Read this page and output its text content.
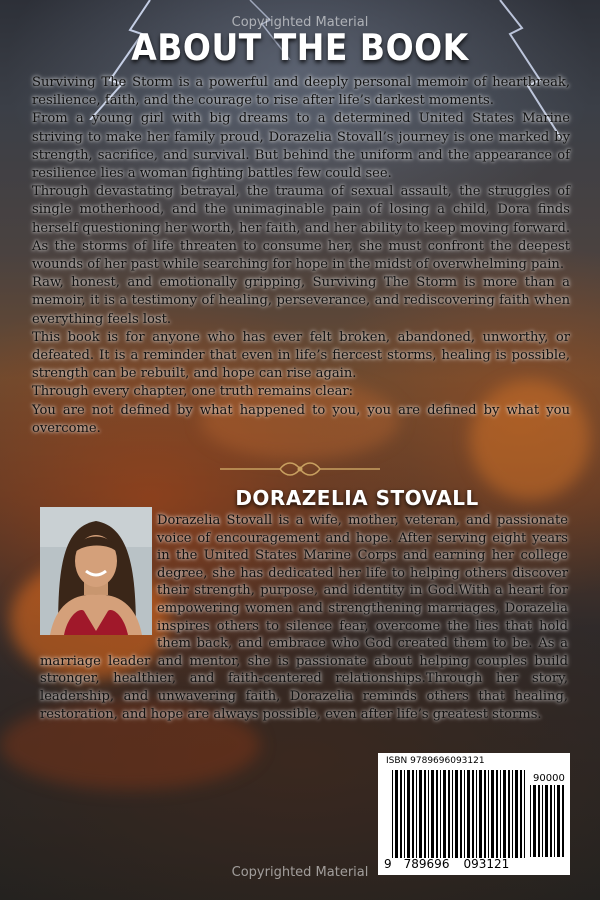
Copyrighted Material
Copyrighted Material
ABOUT THE BOOK

Surviving The Storm is a powerful and deeply personal memoir of heartbreak, resilience, faith, and the courage to rise after life’s darkest moments.

From a young girl with big dreams to a determined United States Marine striving to make her family proud, Dorazelia Stovall’s journey is one marked by strength, sacrifice, and survival. But behind the uniform and the appearance of resilience lies a woman fighting battles few could see.

Through devastating betrayal, the trauma of sexual assault, the struggles of single motherhood, and the unimaginable pain of losing a child, Dora finds herself questioning her worth, her faith, and her ability to keep moving forward. As the storms of life threaten to consume her, she must confront the deepest wounds of her past while searching for hope in the midst of overwhelming pain.

Raw, honest, and emotionally gripping, Surviving The Storm is more than a memoir, it is a testimony of healing, perseverance, and rediscovering faith when everything feels lost.

This book is for anyone who has ever felt broken, abandoned, unworthy, or defeated. It is a reminder that even in life’s fiercest storms, healing is possible, strength can be rebuilt, and hope can rise again.

Through every chapter, one truth remains clear:

You are not defined by what happened to you, you are defined by what you overcome.

DORAZELIA STOVALL
Dorazelia Stovall is a wife, mother, veteran, and passionate voice of encouragement and hope. After serving eight years in the United States Marine Corps and earning her college degree, she has dedicated her life to helping others discover their strength, purpose, and identity in God.With a heart for empowering women and strengthening marriages, Dorazelia inspires others to silence fear, overcome the lies that hold them back, and embrace who God created them to be. As a marriage leader and mentor, she is passionate about helping couples build stronger, healthier, and faith-centered relationships.Through her story, leadership, and unwavering faith, Dorazelia reminds others that healing, restoration, and hope are always possible, even after life’s greatest storms.
ISBN 9789696093121
90000
9 789696 093121
